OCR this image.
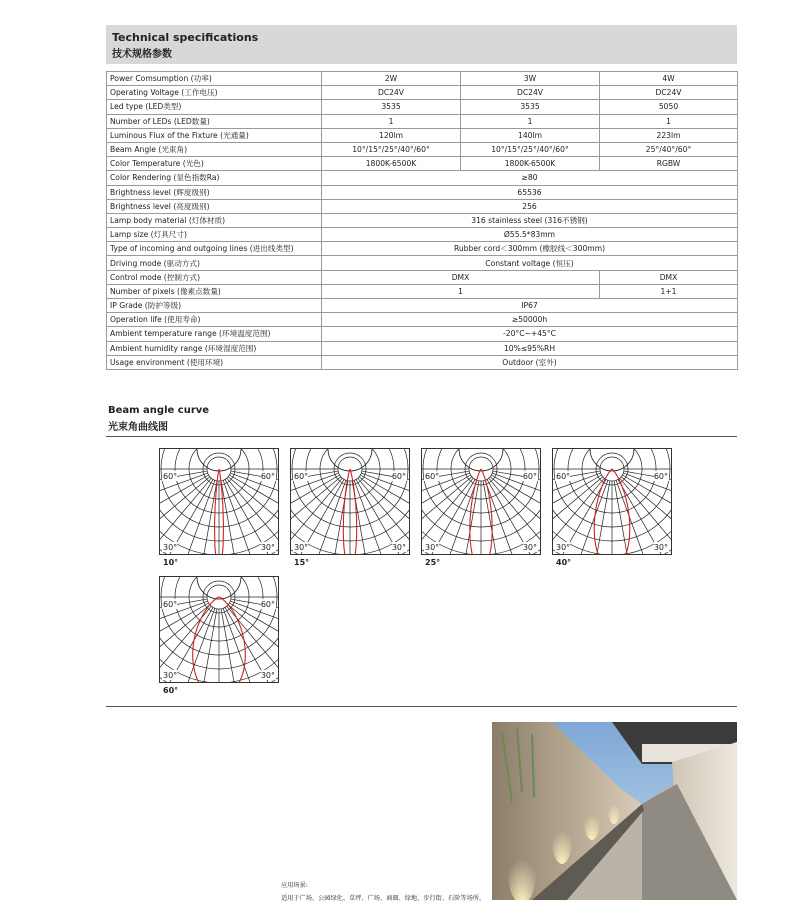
Technical specifications
技术规格参数
Power Comsumption (功率)	2W	3W	4W
Operating Voltage (工作电压)	DC24V	DC24V	DC24V
Led type (LED类型)	3535	3535	5050
Number of LEDs (LED数量)	1	1	1
Luminous Flux of the Fixture (光通量)	120lm	140lm	223lm
Beam Angle (光束角)	10°/15°/25°/40°/60°	10°/15°/25°/40°/60°	25°/40°/60°
Color Temperature (光色)	1800K-6500K	1800K-6500K	RGBW
Color Rendering (显色指数Ra)	≥80		
Brightness level (辉度级别)	65536		
Brightness level (亮度级别)	256		
Lamp body material (灯体材质)	316 stainless steel (316不锈钢)		
Lamp size (灯具尺寸)	Ø55.5*83mm		
Type of incoming and outgoing lines (进出线类型)	Rubber cord＜300mm (橡胶线＜300mm)		
Driving mode (驱动方式)	Constant voltage (恒压)		
Control mode (控制方式)	DMX		DMX
Number of pixels (像素点数量)	1		1+1
IP Grade (防护等级)	IP67		
Operation life (使用寿命)	≥50000h		
Ambient temperature range (环境温度范围)	-20°C~+45°C		
Ambient humidity range (环境湿度范围)	10%≤95%RH		
Usage environment (使用环境)	Outdoor (室外)		
Beam angle curve
光束角曲线图
60°	60°
30°	30°
10°
60°	60°
30°	30°
15°
60°	60°
30°	30°
25°
60°	60°
30°	30°
40°
60°	60°
30°	30°
60°
应用场景:
适用于广场、公园绿化、草坪、广场、商圈、绿地、步行街、石阶等场所。
